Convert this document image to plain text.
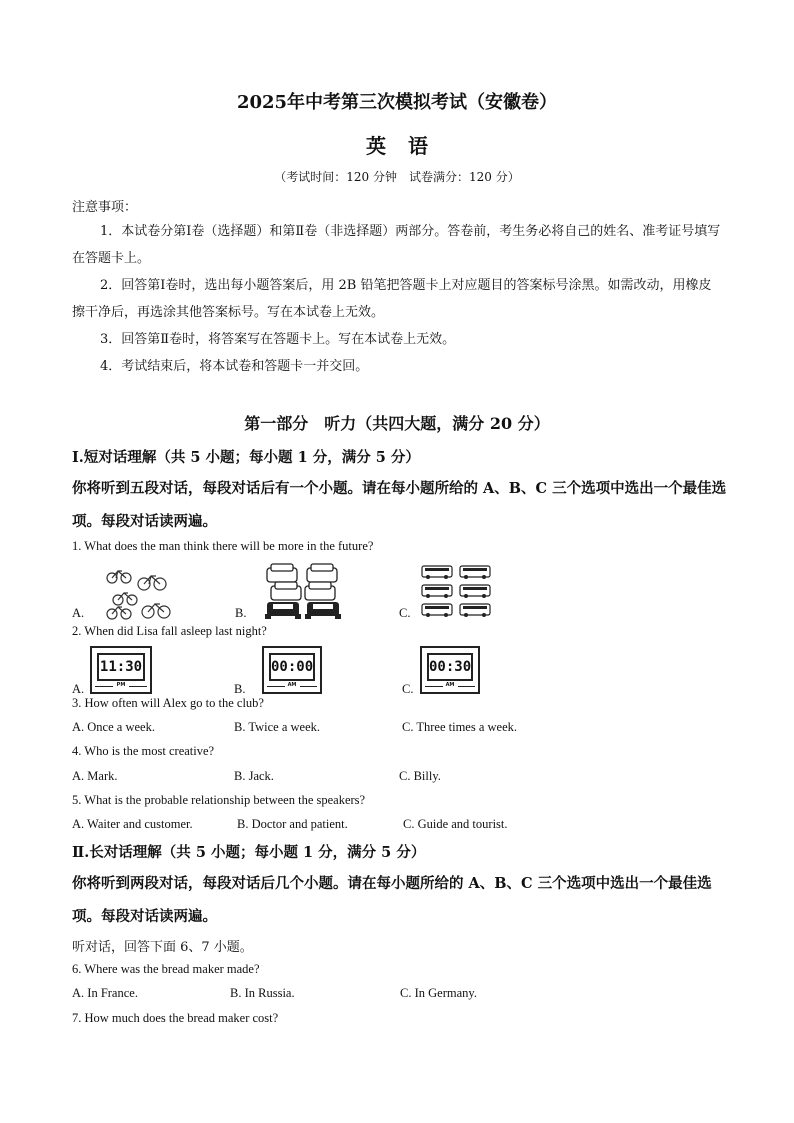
2025年中考第三次模拟考试（安徽卷）
英 语
（考试时间：120 分钟　试卷满分：120 分）
注意事项：
1．本试卷分第Ⅰ卷（选择题）和第Ⅱ卷（非选择题）两部分。答卷前，考生务必将自己的姓名、准考证号填写在答题卡上。
2．回答第Ⅰ卷时，选出每小题答案后，用 2B 铅笔把答题卡上对应题目的答案标号涂黑。如需改动，用橡皮擦干净后，再选涂其他答案标号。写在本试卷上无效。
3．回答第Ⅱ卷时，将答案写在答题卡上。写在本试卷上无效。
4．考试结束后，将本试卷和答题卡一并交回。
第一部分　听力（共四大题，满分 20 分）
Ⅰ.短对话理解（共 5 小题；每小题 1 分，满分 5 分）
你将听到五段对话，每段对话后有一个小题。请在每小题所给的 A、B、C 三个选项中选出一个最佳选项。每段对话读两遍。
1. What does the man think there will be more in the future?
A.	B.	C.
2. When did Lisa fall asleep last night?
A.	B.	C.
11:30
PM
00:00
AM
00:30
AM
3. How often will Alex go to the club?
A. Once a week.	B. Twice a week.	C. Three times a week.
4. Who is the most creative?
A. Mark.	B. Jack.	C. Billy.
5. What is the probable relationship between the speakers?
A. Waiter and customer.	B. Doctor and patient.	C. Guide and tourist.
Ⅱ.长对话理解（共 5 小题；每小题 1 分，满分 5 分）
你将听到两段对话，每段对话后几个小题。请在每小题所给的 A、B、C 三个选项中选出一个最佳选项。每段对话读两遍。
听对话，回答下面 6、7 小题。
6. Where was the bread maker made?
A. In France.	B. In Russia.	C. In Germany.
7. How much does the bread maker cost?
